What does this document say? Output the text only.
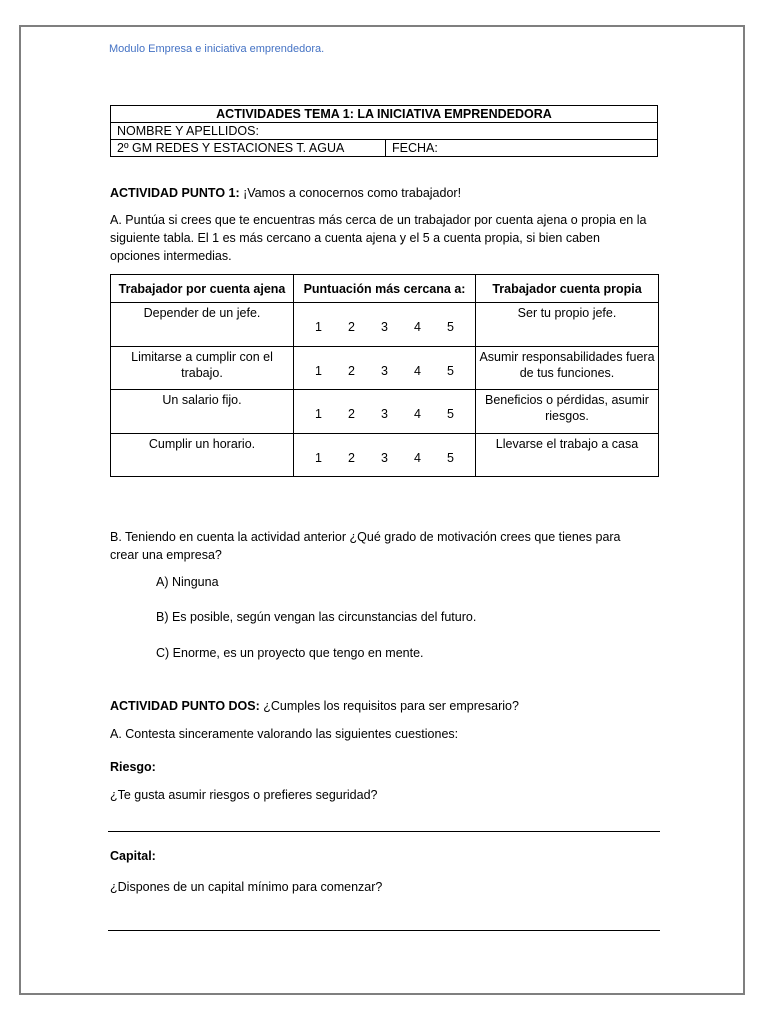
Modulo Empresa e iniciativa emprendedora.
ACTIVIDADES TEMA 1: LA INICIATIVA EMPRENDEDORA
NOMBRE Y APELLIDOS:
2º GM REDES Y ESTACIONES T. AGUA	FECHA:
ACTIVIDAD PUNTO 1: ¡Vamos a conocernos como trabajador!
A. Puntúa si crees que te encuentras más cerca de un trabajador por cuenta ajena o propia en la siguiente tabla. El 1 es más cercano a cuenta ajena y el 5 a cuenta propia, si bien caben opciones intermedias.
Trabajador por cuenta ajena	Puntuación más cercana a:	Trabajador cuenta propia
Depender de un jefe.	1 2 3 4 5	Ser tu propio jefe.
Limitarse a cumplir con el trabajo.	1 2 3 4 5	Asumir responsabilidades fuera de tus funciones.
Un salario fijo.	1 2 3 4 5	Beneficios o pérdidas, asumir riesgos.
Cumplir un horario.	1 2 3 4 5	Llevarse el trabajo a casa
B. Teniendo en cuenta la actividad anterior ¿Qué grado de motivación crees que tienes para crear una empresa?
A) Ninguna
B) Es posible, según vengan las circunstancias del futuro.
C) Enorme, es un proyecto que tengo en mente.
ACTIVIDAD PUNTO DOS: ¿Cumples los requisitos para ser empresario?
A. Contesta sinceramente valorando las siguientes cuestiones:
Riesgo:
¿Te gusta asumir riesgos o prefieres seguridad?
Capital:
¿Dispones de un capital mínimo para comenzar?
